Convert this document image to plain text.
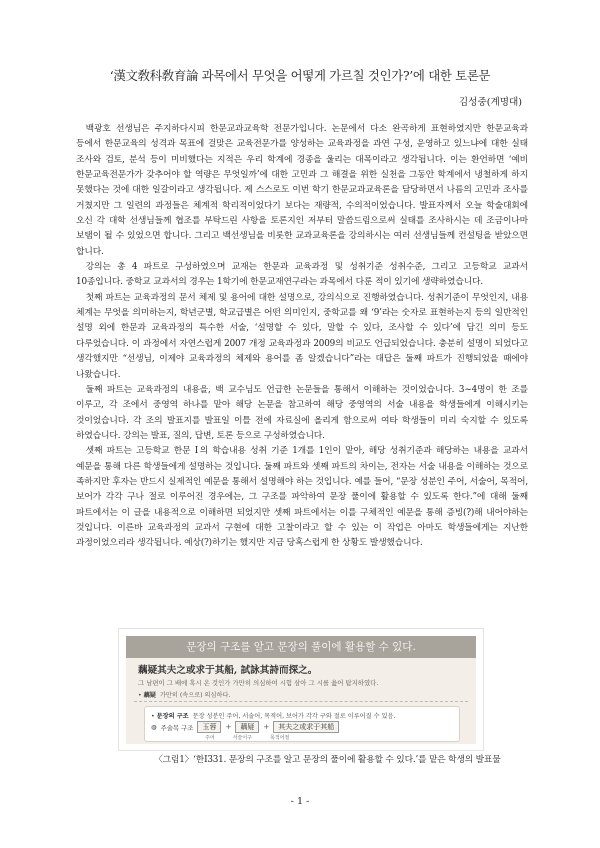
‘漢文敎科敎育論 과목에서 무엇을 어떻게 가르칠 것인가?’에 대한 토론문
김성중(계명대)

백광호 선생님은 주지하다시피 한문교과교육학 전문가입니다. 논문에서 다소 완곡하게 표현하였지만 한문교육과 등에서 한문교육의 성격과 목표에 걸맞은 교육전문가를 양성하는 교육과정을 과연 구성, 운영하고 있느냐에 대한 실태 조사와 검토, 분석 등이 미비했다는 지적은 우리 학계에 경종을 울리는 대목이라고 생각됩니다. 이는 환언하면 ‘예비 한문교육전문가가 갖추어야 할 역량은 무엇일까’에 대한 고민과 그 해결을 위한 실천을 그동안 학계에서 냉철하게 하지 못했다는 것에 대한 일갈이라고 생각됩니다. 제 스스로도 이번 학기 한문교과교육론을 담당하면서 나름의 고민과 조사를 거쳤지만 그 일련의 과정들은 체계적 학리적이었다기 보다는 재량적, 수의적이었습니다. 발표자께서 오늘 학술대회에 오신 각 대학 선생님들께 협조를 부탁드린 사항을 토론지인 저부터 말씀드림으로써 실태를 조사하시는 데 조금이나마 보탬이 될 수 있었으면 합니다. 그리고 백선생님을 비롯한 교과교육론을 강의하시는 여러 선생님들께 컨설팅을 받았으면 합니다.

강의는 총 4 파트로 구성하였으며 교재는 한문과 교육과정 및 성취기준 성취수준, 그리고 고등학교 교과서 10종입니다. 중학교 교과서의 경우는 1학기에 한문교재연구라는 과목에서 다룬 적이 있기에 생략하였습니다.

첫째 파트는 교육과정의 문서 체제 및 용어에 대한 설명으로, 강의식으로 진행하였습니다. 성취기준이 무엇인지, 내용 체계는 무엇을 의미하는지, 학년군별, 학교급별은 어떤 의미인지, 중학교를 왜 ‘9’라는 숫자로 표현하는지 등의 일반적인 설명 외에 한문과 교육과정의 특수한 서술, ‘설명할 수 있다, 말할 수 있다, 조사할 수 있다’에 담긴 의미 등도 다루었습니다. 이 과정에서 자연스럽게 2007 개정 교육과정과 2009의 비교도 언급되었습니다. 충분히 설명이 되었다고 생각했지만 “선생님, 이제야 교육과정의 체제와 용어를 좀 알겠습니다”라는 대답은 둘째 파트가 진행되었을 때에야 나왔습니다.

둘째 파트는 교육과정의 내용을, 백 교수님도 언급한 논문들을 통해서 이해하는 것이었습니다. 3~4명이 한 조를 이루고, 각 조에서 중영역 하나를 맡아 해당 논문을 참고하여 해당 중영역의 서술 내용을 학생들에게 이해시키는 것이었습니다. 각 조의 발표지를 발표일 이틀 전에 자료실에 올리게 함으로써 여타 학생들이 미리 숙지할 수 있도록 하였습니다. 강의는 발표, 질의, 답변, 토론 등으로 구성하였습니다.

셋째 파트는 고등학교 한문 Ⅰ의 학습내용 성취 기준 1개를 1인이 맡아, 해당 성취기준과 해당하는 내용을 교과서 예문을 통해 다른 학생들에게 설명하는 것입니다. 둘째 파트와 셋째 파트의 차이는, 전자는 서술 내용을 이해하는 것으로 족하지만 후자는 반드시 실제적인 예문을 통해서 설명해야 하는 것입니다. 예를 들어, “문장 성분인 주어, 서술어, 목적어, 보어가 각각 구나 절로 이루어진 경우에는, 그 구조를 파악하여 문장 풀이에 활용할 수 있도록 한다.”에 대해 둘째 파트에서는 이 글을 내용적으로 이해하면 되었지만 셋째 파트에서는 이를 구체적인 예문을 통해 증빙(?)해 내어야하는 것입니다. 이른바 교육과정의 교과서 구현에 대한 고찰이라고 할 수 있는 이 작업은 아마도 학생들에게는 지난한 과정이었으리라 생각됩니다. 예상(?)하기는 했지만 지금 당혹스럽게 한 상황도 발생했습니다.

문장의 구조를 알고 문장의 풀이에 활용할 수 있다.
藕疑其夫之或求于其船, 試詠其詩而探之。
그 남편이 그 배에 혹시 온 것인가 가만히 의심하여 시험 삼아 그 시를 읊어 탐지하였다.
• 藕疑 가만히 (속으로) 의심하다.
• 문장의 구조 문장 성분인 주어, 서술어, 목적어, 보어가 각각 구와 절로 이루어질 수 있음.
◍ 주술목 구조	玉蓉	+	藕疑	+	其夫之或求于其船
주어	서술어구	목적어절
〈그림1〉‘한Ⅰ331. 문장의 구조를 알고 문장의 풀이에 활용할 수 있다.’를 맡은 학생의 발표물
- 1 -
